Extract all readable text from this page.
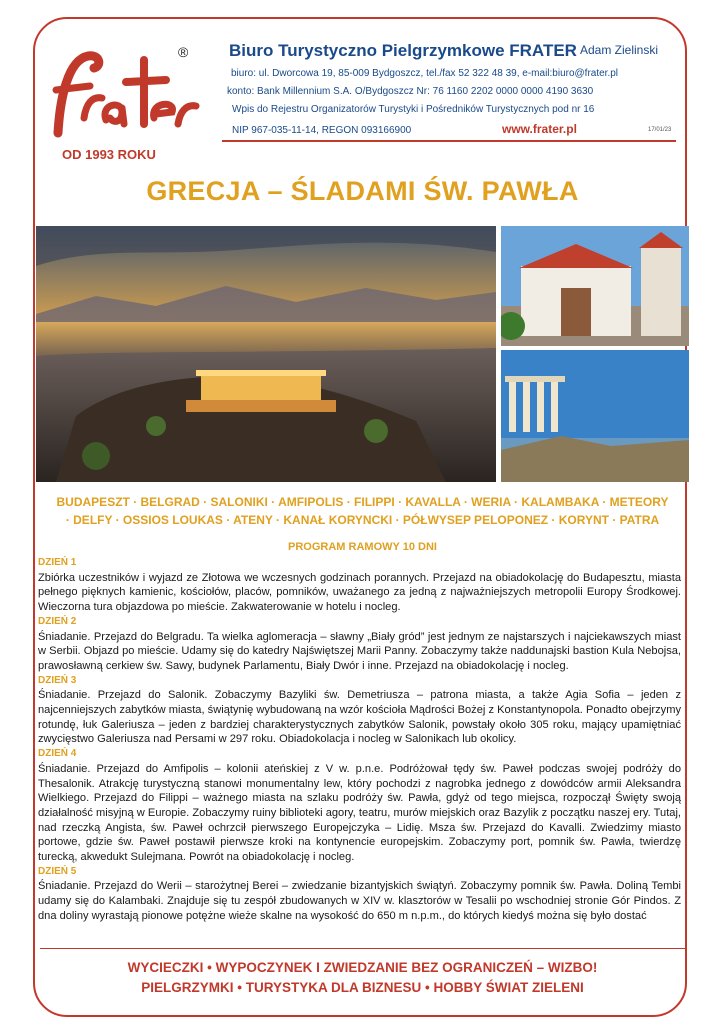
®
OD 1993 ROKU
Biuro Turystyczno Pielgrzymkowe FRATER Adam Zielinski
biuro: ul. Dworcowa 19, 85-009 Bydgoszcz, tel./fax 52 322 48 39, e-mail:biuro@frater.pl
konto: Bank Millennium S.A. O/Bydgoszcz Nr: 76 1160 2202 0000 0000 4190 3630
Wpis do Rejestru Organizatorów Turystyki i Pośredników Turystycznych pod nr 16
NIP 967-035-11-14, REGON 093166900	www.frater.pl	17/01/23
GRECJA – ŚLADAMI ŚW. PAWŁA
BUDAPESZT · BELGRAD · SALONIKI · AMFIPOLIS · FILIPPI · KAVALLA · WERIA · KALAMBAKA · METEORY
· DELFY · OSSIOS LOUKAS · ATENY · KANAŁ KORYNCKI · PÓŁWYSEP PELOPONEZ · KORYNT · PATRA
PROGRAM RAMOWY 10 DNI
DZIEŃ 1

Zbiórka uczestników i wyjazd ze Złotowa we wczesnych godzinach porannych. Przejazd na obiadokolację do Budapesztu, miasta pełnego pięknych kamienic, kościołów, placów, pomników, uważanego za jedną z najważniejszych metropolii Europy Środkowej. Wieczorna tura objazdowa po mieście. Zakwaterowanie w hotelu i nocleg.

DZIEŃ 2

Śniadanie. Przejazd do Belgradu. Ta wielka aglomeracja – sławny „Biały gród” jest jednym ze najstarszych i najciekawszych miast w Serbii. Objazd po mieście. Udamy się do katedry Najświętszej Marii Panny. Zobaczymy także naddunajski bastion Kula Nebojsa, prawosławną cerkiew św. Sawy, budynek Parlamentu, Biały Dwór i inne. Przejazd na obiadokolację i nocleg.

DZIEŃ 3

Śniadanie. Przejazd do Salonik. Zobaczymy Bazyliki św. Demetriusza – patrona miasta, a także Agia Sofia – jeden z najcenniejszych zabytków miasta, świątynię wybudowaną na wzór kościoła Mądrości Bożej z Konstantynopola. Ponadto obejrzymy rotundę, łuk Galeriusza – jeden z bardziej charakterystycznych zabytków Salonik, powstały około 305 roku, mający upamiętniać zwycięstwo Galeriusza nad Persami w 297 roku. Obiadokolacja i nocleg w Salonikach lub okolicy.

DZIEŃ 4

Śniadanie. Przejazd do Amfipolis – kolonii ateńskiej z V w. p.n.e. Podróżował tędy św. Paweł podczas swojej podróży do Thesalonik. Atrakcję turystyczną stanowi monumentalny lew, który pochodzi z nagrobka jednego z dowódców armii Aleksandra Wielkiego. Przejazd do Filippi – ważnego miasta na szlaku podróży św. Pawła, gdyż od tego miejsca, rozpoczął Święty swoją działalność misyjną w Europie. Zobaczymy ruiny biblioteki agory, teatru, murów miejskich oraz Bazylik z początku naszej ery. Tutaj, nad rzeczką Angista, św. Paweł ochrzcił pierwszego Europejczyka – Lidię. Msza św. Przejazd do Kavalli. Zwiedzimy miasto portowe, gdzie św. Paweł postawił pierwsze kroki na kontynencie europejskim. Zobaczymy port, pomnik św. Pawła, twierdzę turecką, akwedukt Sulejmana. Powrót na obiadokolację i nocleg.

DZIEŃ 5

Śniadanie. Przejazd do Werii – starożytnej Berei – zwiedzanie bizantyjskich świątyń. Zobaczymy pomnik św. Pawła. Doliną Tembi udamy się do Kalambaki. Znajduje się tu zespół zbudowanych w XIV w. klasztorów w Tesalii po wschodniej stronie Gór Pindos. Z dna doliny wyrastają pionowe potężne wieże skalne na wysokość do 650 m n.p.m., do których kiedyś można się było dostać

WYCIECZKI • WYPOCZYNEK I ZWIEDZANIE BEZ OGRANICZEŃ – WIZBO!
PIELGRZYMKI • TURYSTYKA DLA BIZNESU • HOBBY ŚWIAT ZIELENI
